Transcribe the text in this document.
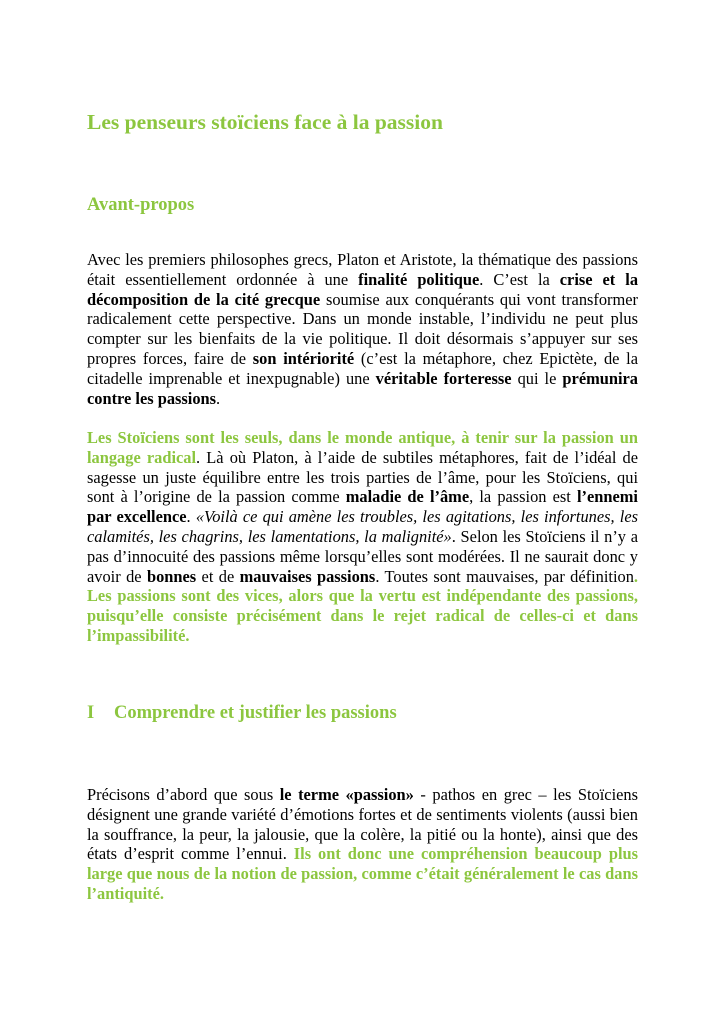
Les penseurs stoïciens face à la passion
Avant-propos

Avec les premiers philosophes grecs, Platon et Aristote, la thématique des passions était essentiellement ordonnée à une finalité politique. C’est la crise et la décomposition de la cité grecque soumise aux conquérants qui vont transformer radicalement cette perspective. Dans un monde instable, l’individu ne peut plus compter sur les bienfaits de la vie politique. Il doit désormais s’appuyer sur ses propres forces, faire de son intériorité (c’est la métaphore, chez Epictète, de la citadelle imprenable et inexpugnable) une véritable forteresse qui le prémunira contre les passions.

Les Stoïciens sont les seuls, dans le monde antique, à tenir sur la passion un langage radical. Là où Platon, à l’aide de subtiles métaphores, fait de l’idéal de sagesse un juste équilibre entre les trois parties de l’âme, pour les Stoïciens, qui sont à l’origine de la passion comme maladie de l’âme, la passion est l’ennemi par excellence. «Voilà ce qui amène les troubles, les agitations, les infortunes, les calamités, les chagrins, les lamentations, la malignité». Selon les Stoïciens il n’y a pas d’innocuité des passions même lorsqu’elles sont modérées. Il ne saurait donc y avoir de bonnes et de mauvaises passions. Toutes sont mauvaises, par définition. Les passions sont des vices, alors que la vertu est indépendante des passions, puisqu’elle consiste précisément dans le rejet radical de celles-ci et dans l’impassibilité.

I Comprendre et justifier les passions

Précisons d’abord que sous le terme «passion» - pathos en grec – les Stoïciens désignent une grande variété d’émotions fortes et de sentiments violents (aussi bien la souffrance, la peur, la jalousie, que la colère, la pitié ou la honte), ainsi que des états d’esprit comme l’ennui. Ils ont donc une compréhension beaucoup plus large que nous de la notion de passion, comme c’était généralement le cas dans l’antiquité.
